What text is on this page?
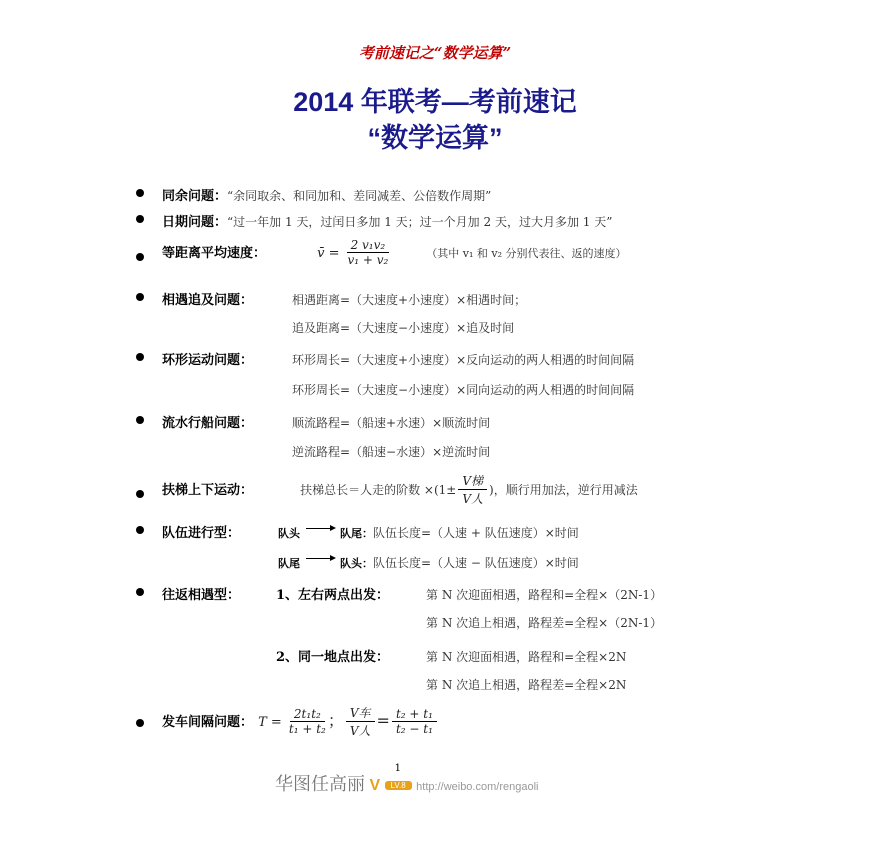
考前速记之“数学运算”
2014 年联考—考前速记
“数学运算”
同余问题：“余同取余、和同加和、差同减差、公倍数作周期”
日期问题：“过一年加 1 天，过闰日多加 1 天；过一个月加 2 天，过大月多加 1 天”
等距离平均速度：	v̄ = $\frac{\text{2 v₁v₂}}{\text{v₁ + v₂}}$	（其中 v₁ 和 v₂ 分别代表往、返的速度）
相遇追及问题：	相遇距离=（大速度+小速度）×相遇时间；
追及距离=（大速度−小速度）×追及时间
环形运动问题：	环形周长=（大速度+小速度）×反向运动的两人相遇的时间间隔
环形周长=（大速度−小速度）×同向运动的两人相遇的时间间隔
流水行船问题：	顺流路程=（船速+水速）×顺流时间
逆流路程=（船速−水速）×逆流时间
扶梯上下运动：	扶梯总长＝人走的阶数 $\times(1\pm \frac{\text{V梯}}{\text{V人}}$ )，顺行用加法，逆行用减法
队伍进行型：	队头	队尾：队伍长度=（人速 + 队伍速度）×时间
队尾	队头：队伍长度=（人速 − 队伍速度）×时间
往返相遇型：	1、左右两点出发：	第 N 次迎面相遇，路程和=全程×（2N-1）
第 N 次追上相遇，路程差=全程×（2N-1）
2、同一地点出发：	第 N 次迎面相遇，路程和=全程×2N
第 N 次追上相遇，路程差=全程×2N
发车间隔问题： $T = \frac{\text{2t₁t₂}}{\text{t₁ + t₂}}$ ； $\frac{\text{V车}}{\text{V人}} = \frac{\text{t₂ + t₁}}{\text{t₂ − t₁}}$
华图任高丽 V LV.8
1
http://weibo.com/rengaoli
